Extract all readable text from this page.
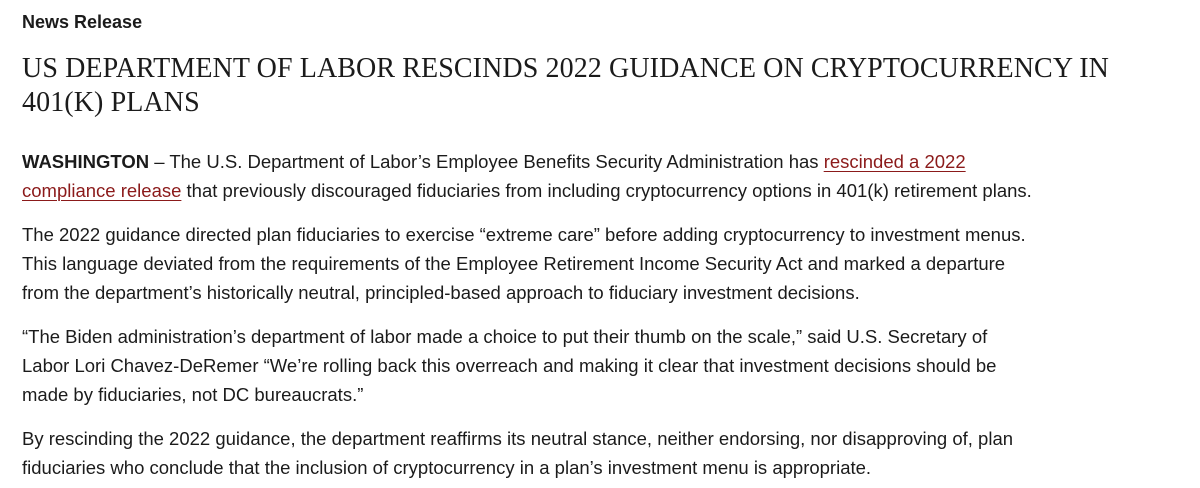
News Release
US DEPARTMENT OF LABOR RESCINDS 2022 GUIDANCE ON CRYPTOCURRENCY IN 401(K) PLANS

WASHINGTON – The U.S. Department of Labor’s Employee Benefits Security Administration has rescinded a 2022 compliance release that previously discouraged fiduciaries from including cryptocurrency options in 401(k) retirement plans.

The 2022 guidance directed plan fiduciaries to exercise “extreme care” before adding cryptocurrency to investment menus. This language deviated from the requirements of the Employee Retirement Income Security Act and marked a departure from the department’s historically neutral, principled-based approach to fiduciary investment decisions.

“The Biden administration’s department of labor made a choice to put their thumb on the scale,” said U.S. Secretary of Labor Lori Chavez-DeRemer “We’re rolling back this overreach and making it clear that investment decisions should be made by fiduciaries, not DC bureaucrats.”

By rescinding the 2022 guidance, the department reaffirms its neutral stance, neither endorsing, nor disapproving of, plan fiduciaries who conclude that the inclusion of cryptocurrency in a plan’s investment menu is appropriate.
